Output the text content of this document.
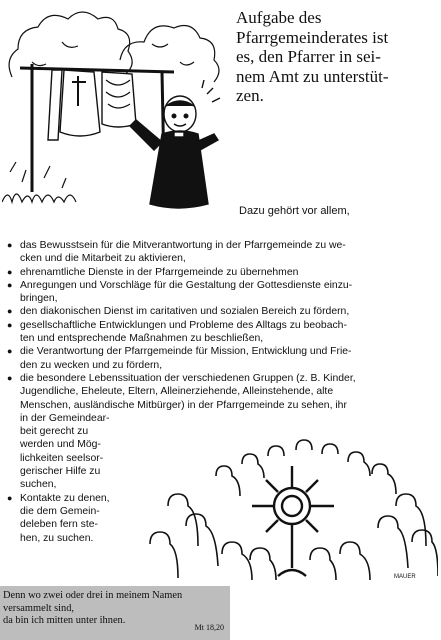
Aufgabe des
Pfarrgemeinderates ist
es, den Pfarrer in sei-
nem Amt zu unterstüt-
zen.
Dazu gehört vor allem,
● das Bewusstsein für die Mitverantwortung in der Pfarrgemeinde zu we-
cken und die Mitarbeit zu aktivieren,
● ehrenamtliche Dienste in der Pfarrgemeinde zu übernehmen
● Anregungen und Vorschläge für die Gestaltung der Gottesdienste einzu-
bringen,
● den diakonischen Dienst im caritativen und sozialen Bereich zu fördern,
● gesellschaftliche Entwicklungen und Probleme des Alltags zu beobach-
ten und entsprechende Maßnahmen zu beschließen,
● die Verantwortung der Pfarrgemeinde für Mission, Entwicklung und Frie-
den zu wecken und zu fördern,
● die besondere Lebenssituation der verschiedenen Gruppen (z. B. Kinder,
Jugendliche, Eheleute, Eltern, Alleinerziehende, Alleinstehende, alte
Menschen, ausländische Mitbürger) in der Pfarrgemeinde zu sehen, ihr
in der Gemeindear-
beit gerecht zu
werden und Mög-
lichkeiten seelsor-
gerischer Hilfe zu
suchen,
● Kontakte zu denen,
die dem Gemein-
deleben fern ste-
hen, zu suchen.
MAUER
Denn wo zwei oder drei in meinem Namen
versammelt sind,
da bin ich mitten unter ihnen.
Mt 18,20
